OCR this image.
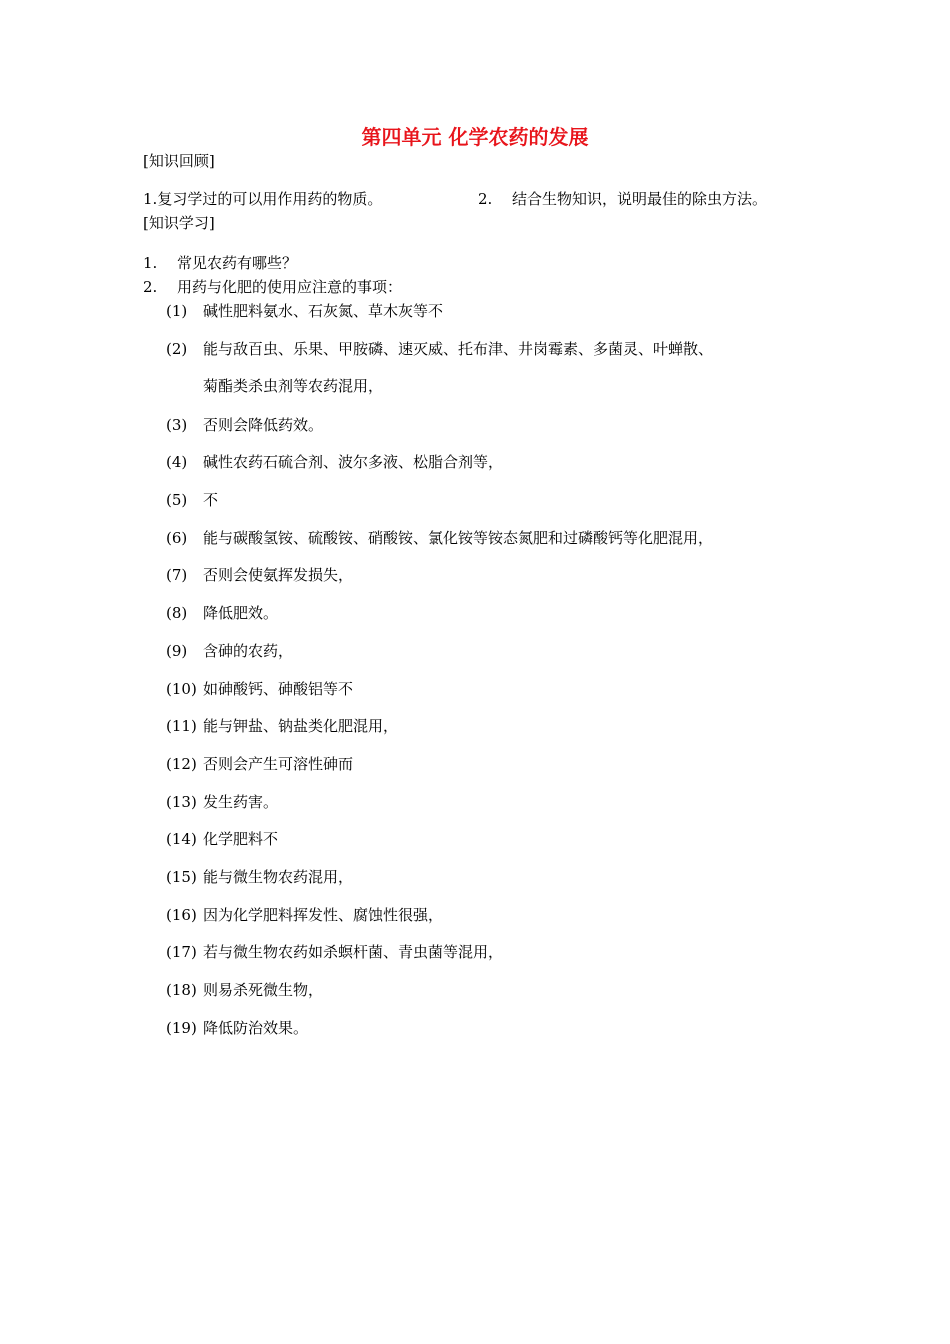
第四单元 化学农药的发展
[知识回顾]
1.复习学过的可以用作用药的物质。	2. 结合生物知识，说明最佳的除虫方法。
[知识学习]
1. 常见农药有哪些？
2. 用药与化肥的使用应注意的事项：
(1) 碱性肥料氨水、石灰氮、草木灰等不
(2) 能与敌百虫、乐果、甲胺磷、速灭威、托布津、井岗霉素、多菌灵、叶蝉散、
菊酯类杀虫剂等农药混用，
(3) 否则会降低药效。
(4) 碱性农药石硫合剂、波尔多液、松脂合剂等，
(5) 不
(6) 能与碳酸氢铵、硫酸铵、硝酸铵、氯化铵等铵态氮肥和过磷酸钙等化肥混用，
(7) 否则会使氨挥发损失，
(8) 降低肥效。
(9) 含砷的农药，
(10) 如砷酸钙、砷酸铝等不
(11) 能与钾盐、钠盐类化肥混用，
(12) 否则会产生可溶性砷而
(13) 发生药害。
(14) 化学肥料不
(15) 能与微生物农药混用，
(16) 因为化学肥料挥发性、腐蚀性很强，
(17) 若与微生物农药如杀螟杆菌、青虫菌等混用，
(18) 则易杀死微生物，
(19) 降低防治效果。
